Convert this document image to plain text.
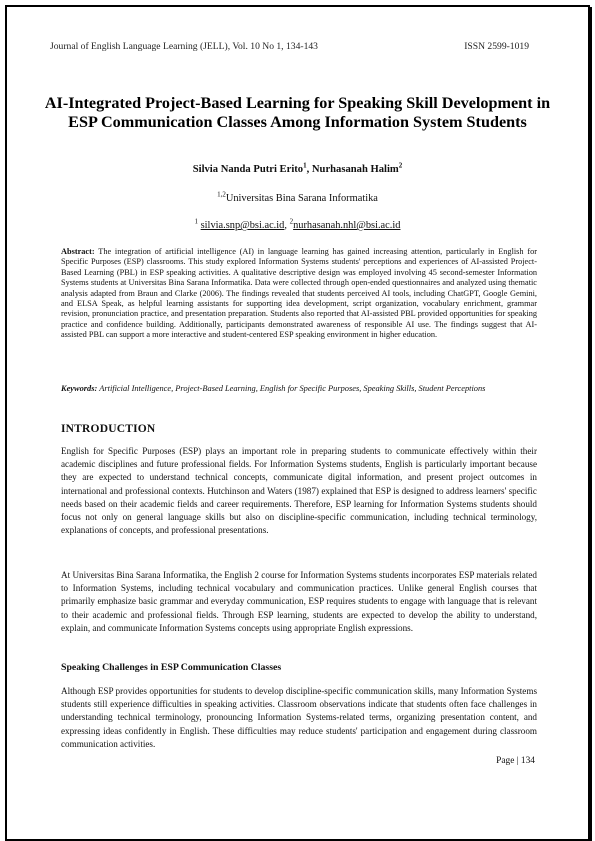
Journal of English Language Learning (JELL), Vol. 10 No 1, 134-143	ISSN 2599-1019
AI-Integrated Project-Based Learning for Speaking Skill Development in ESP Communication Classes Among Information System Students
Silvia Nanda Putri Erito$^1$, Nurhasanah Halim$^2$
$^{1,2}$Universitas Bina Sarana Informatika
$^1$ silvia.snp@bsi.ac.id, $^2$nurhasanah.nhl@bsi.ac.id
Abstract: The integration of artificial intelligence (AI) in language learning has gained increasing attention, particularly in English for Specific Purposes (ESP) classrooms. This study explored Information Systems students' perceptions and experiences of AI-assisted Project-Based Learning (PBL) in ESP speaking activities. A qualitative descriptive design was employed involving 45 second-semester Information Systems students at Universitas Bina Sarana Informatika. Data were collected through open-ended questionnaires and analyzed using thematic analysis adapted from Braun and Clarke (2006). The findings revealed that students perceived AI tools, including ChatGPT, Google Gemini, and ELSA Speak, as helpful learning assistants for supporting idea development, script organization, vocabulary enrichment, grammar revision, pronunciation practice, and presentation preparation. Students also reported that AI-assisted PBL provided opportunities for speaking practice and confidence building. Additionally, participants demonstrated awareness of responsible AI use. The findings suggest that AI-assisted PBL can support a more interactive and student-centered ESP speaking environment in higher education.
Keywords: Artificial Intelligence, Project-Based Learning, English for Specific Purposes, Speaking Skills, Student Perceptions
INTRODUCTION
English for Specific Purposes (ESP) plays an important role in preparing students to communicate effectively within their academic disciplines and future professional fields. For Information Systems students, English is particularly important because they are expected to understand technical concepts, communicate digital information, and present project outcomes in international and professional contexts. Hutchinson and Waters (1987) explained that ESP is designed to address learners' specific needs based on their academic fields and career requirements. Therefore, ESP learning for Information Systems students should focus not only on general language skills but also on discipline-specific communication, including technical terminology, explanations of concepts, and professional presentations.
At Universitas Bina Sarana Informatika, the English 2 course for Information Systems students incorporates ESP materials related to Information Systems, including technical vocabulary and communication practices. Unlike general English courses that primarily emphasize basic grammar and everyday communication, ESP requires students to engage with language that is relevant to their academic and professional fields. Through ESP learning, students are expected to develop the ability to understand, explain, and communicate Information Systems concepts using appropriate English expressions.
Speaking Challenges in ESP Communication Classes
Although ESP provides opportunities for students to develop discipline-specific communication skills, many Information Systems students still experience difficulties in speaking activities. Classroom observations indicate that students often face challenges in understanding technical terminology, pronouncing Information Systems-related terms, organizing presentation content, and expressing ideas confidently in English. These difficulties may reduce students' participation and engagement during classroom communication activities.
Page | 134
